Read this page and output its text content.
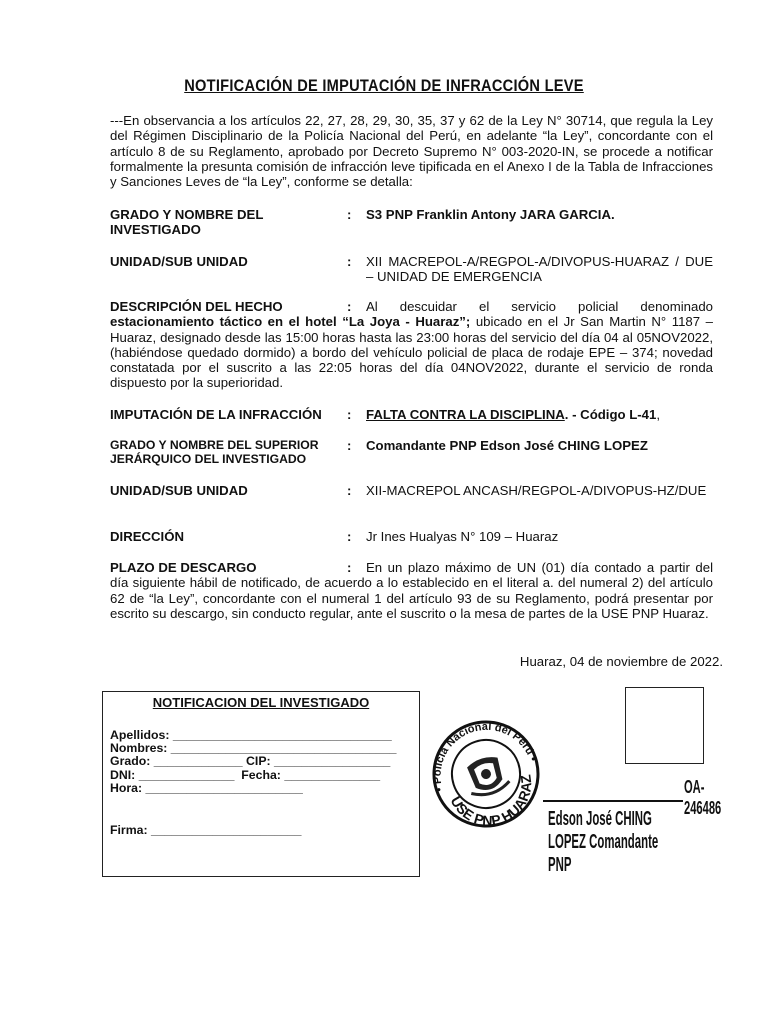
NOTIFICACIÓN DE IMPUTACIÓN DE INFRACCIÓN LEVE
---En observancia a los artículos 22, 27, 28, 29, 30, 35, 37 y 62 de la Ley N° 30714, que regula la Ley del Régimen Disciplinario de la Policía Nacional del Perú, en adelante “la Ley”, concordante con el artículo 8 de su Reglamento, aprobado por Decreto Supremo N° 003-2020-IN, se procede a notificar formalmente la presunta comisión de infracción leve tipificada en el Anexo I de la Tabla de Infracciones y Sanciones Leves de “la Ley”, conforme se detalla:
GRADO Y NOMBRE DEL INVESTIGADO
: S3 PNP Franklin Antony JARA GARCIA.
UNIDAD/SUB UNIDAD	: XII MACREPOL-A/REGPOL-A/DIVOPUS-HUARAZ / DUE – UNIDAD DE EMERGENCIA
DESCRIPCIÓN DEL HECHO	: Al descuidar el servicio policial denominado estacionamiento táctico en el hotel “La Joya - Huaraz”; ubicado en el Jr San Martin N° 1187 – Huaraz, designado desde las 15:00 horas hasta las 23:00 horas del servicio del día 04 al 05NOV2022, (habiéndose quedado dormido) a bordo del vehículo policial de placa de rodaje EPE – 374; novedad constatada por el suscrito a las 22:05 horas del día 04NOV2022, durante el servicio de ronda dispuesto por la superioridad.
IMPUTACIÓN DE LA INFRACCIÓN	: FALTA CONTRA LA DISCIPLINA. - Código L-41,
GRADO Y NOMBRE DEL SUPERIOR JERÁRQUICO DEL INVESTIGADO
: Comandante PNP Edson José CHING LOPEZ
UNIDAD/SUB UNIDAD	: XII-MACREPOL ANCASH/REGPOL-A/DIVOPUS-HZ/DUE
DIRECCIÓN	: Jr Ines Hualyas N° 109 – Huaraz
PLAZO DE DESCARGO	: En un plazo máximo de UN (01) día contado a partir del día siguiente hábil de notificado, de acuerdo a lo establecido en el literal a. del numeral 2) del artículo 62 de “la Ley”, concordante con el numeral 1 del artículo 93 de su Reglamento, podrá presentar por escrito su descargo, sin conducto regular, ante el suscrito o la mesa de partes de la USE PNP Huaraz.
Huaraz, 04 de noviembre de 2022.
NOTIFICACION DEL INVESTIGADO
Apellidos: ________________________________
Nombres: _________________________________
Grado: _____________ CIP: _________________
DNI: ______________  Fecha: ______________
Hora: _______________________
Firma: ______________________
• Policía Nacional del Perú •
USE PNP HUARAZ	OA-246486
Edson José CHING LOPEZ Comandante PNP
